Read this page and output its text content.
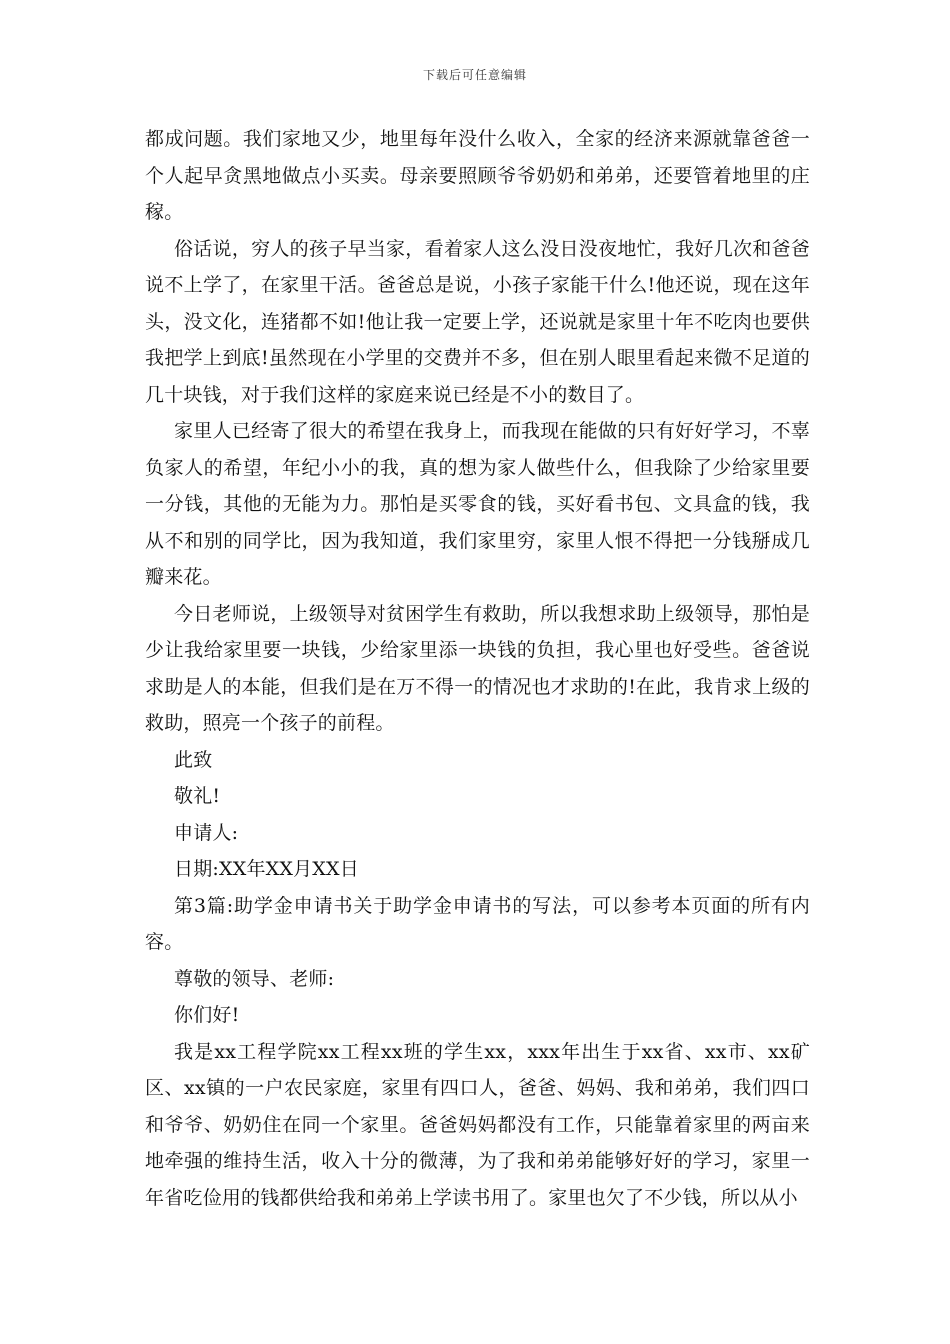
下载后可任意编辑

都成问题。我们家地又少，地里每年没什么收入，全家的经济来源就靠爸爸一个人起早贪黑地做点小买卖。母亲要照顾爷爷奶奶和弟弟，还要管着地里的庄稼。

俗话说，穷人的孩子早当家，看着家人这么没日没夜地忙，我好几次和爸爸说不上学了，在家里干活。爸爸总是说，小孩子家能干什么!他还说，现在这年头，没文化，连猪都不如!他让我一定要上学，还说就是家里十年不吃肉也要供我把学上到底!虽然现在小学里的交费并不多，但在别人眼里看起来微不足道的几十块钱，对于我们这样的家庭来说已经是不小的数目了。

家里人已经寄了很大的希望在我身上，而我现在能做的只有好好学习，不辜负家人的希望，年纪小小的我，真的想为家人做些什么，但我除了少给家里要一分钱，其他的无能为力。那怕是买零食的钱，买好看书包、文具盒的钱，我从不和别的同学比，因为我知道，我们家里穷，家里人恨不得把一分钱掰成几瓣来花。

今日老师说，上级领导对贫困学生有救助，所以我想求助上级领导，那怕是少让我给家里要一块钱，少给家里添一块钱的负担，我心里也好受些。爸爸说求助是人的本能，但我们是在万不得一的情况也才求助的!在此，我肯求上级的救助，照亮一个孩子的前程。

此致

敬礼!

申请人:

日期:XX年XX月XX日

第3篇:助学金申请书关于助学金申请书的写法，可以参考本页面的所有内容。

尊敬的领导、老师:

你们好!

我是xx工程学院xx工程xx班的学生xx，xxx年出生于xx省、xx市、xx矿区、xx镇的一户农民家庭，家里有四口人，爸爸、妈妈、我和弟弟，我们四口和爷爷、奶奶住在同一个家里。爸爸妈妈都没有工作，只能靠着家里的两亩来地牵强的维持生活，收入十分的微薄，为了我和弟弟能够好好的学习，家里一年省吃俭用的钱都供给我和弟弟上学读书用了。家里也欠了不少钱，所以从小
